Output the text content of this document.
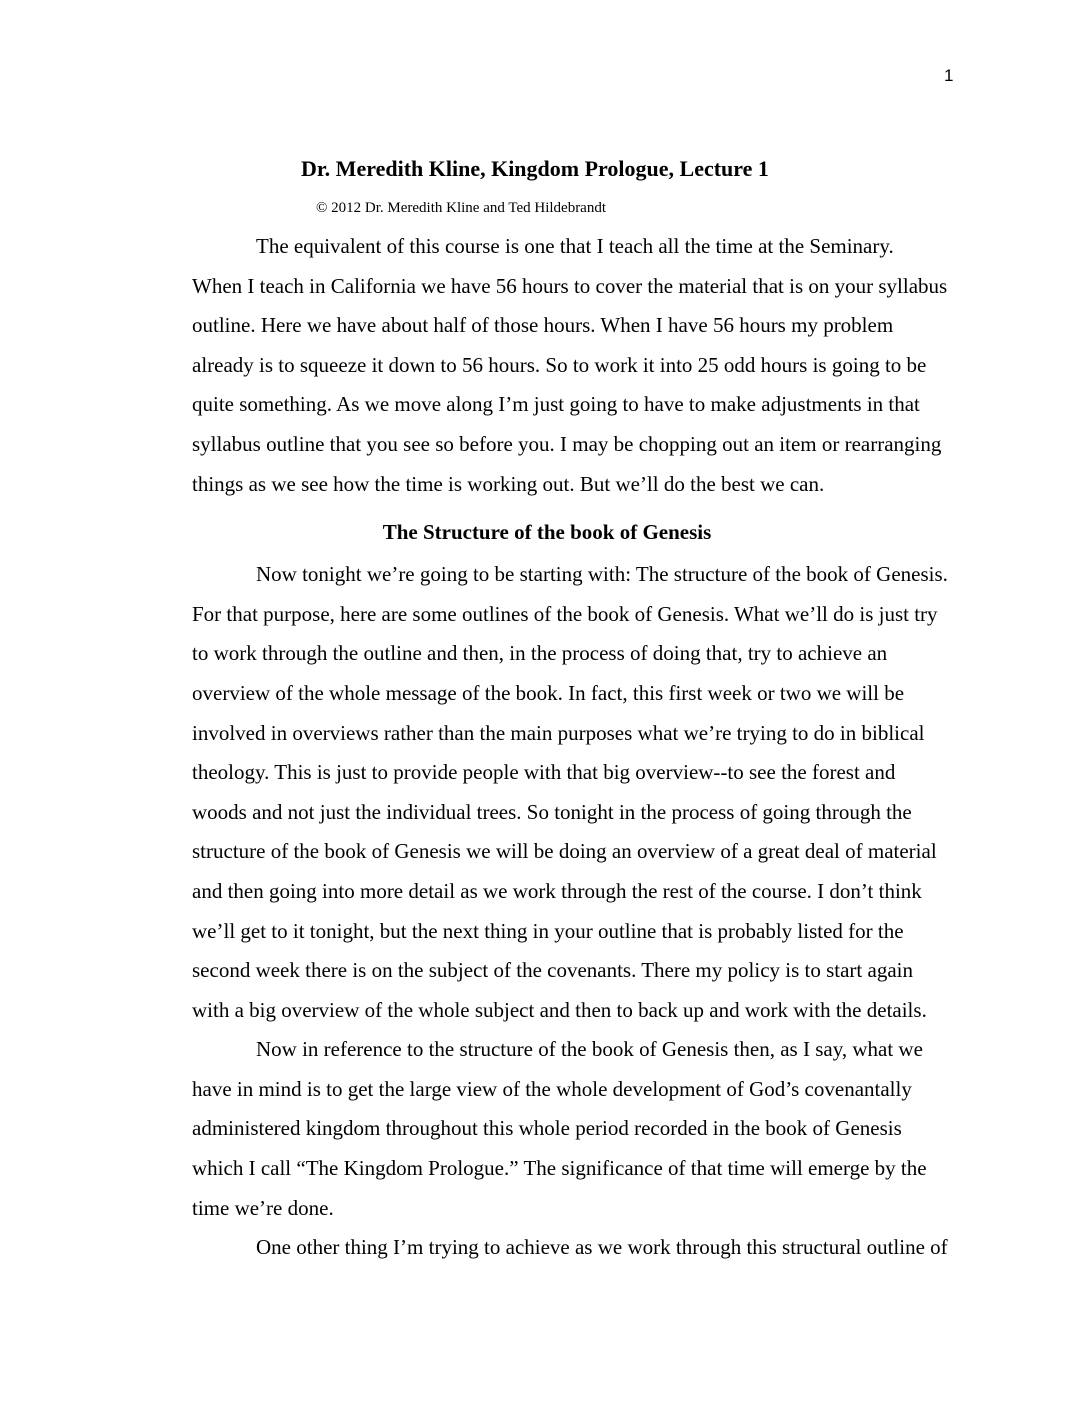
1
Dr. Meredith Kline, Kingdom Prologue, Lecture 1
© 2012 Dr. Meredith Kline and Ted Hildebrandt
The equivalent of this course is one that I teach all the time at the Seminary.
When I teach in California we have 56 hours to cover the material that is on your syllabus
outline. Here we have about half of those hours. When I have 56 hours my problem
already is to squeeze it down to 56 hours. So to work it into 25 odd hours is going to be
quite something. As we move along I’m just going to have to make adjustments in that
syllabus outline that you see so before you. I may be chopping out an item or rearranging
things as we see how the time is working out. But we’ll do the best we can.
The Structure of the book of Genesis
Now tonight we’re going to be starting with: The structure of the book of Genesis.
For that purpose, here are some outlines of the book of Genesis. What we’ll do is just try
to work through the outline and then, in the process of doing that, try to achieve an
overview of the whole message of the book. In fact, this first week or two we will be
involved in overviews rather than the main purposes what we’re trying to do in biblical
theology. This is just to provide people with that big overview--to see the forest and
woods and not just the individual trees. So tonight in the process of going through the
structure of the book of Genesis we will be doing an overview of a great deal of material
and then going into more detail as we work through the rest of the course. I don’t think
we’ll get to it tonight, but the next thing in your outline that is probably listed for the
second week there is on the subject of the covenants. There my policy is to start again
with a big overview of the whole subject and then to back up and work with the details.
Now in reference to the structure of the book of Genesis then, as I say, what we
have in mind is to get the large view of the whole development of God’s covenantally
administered kingdom throughout this whole period recorded in the book of Genesis
which I call “The Kingdom Prologue.” The significance of that time will emerge by the
time we’re done.
One other thing I’m trying to achieve as we work through this structural outline of
